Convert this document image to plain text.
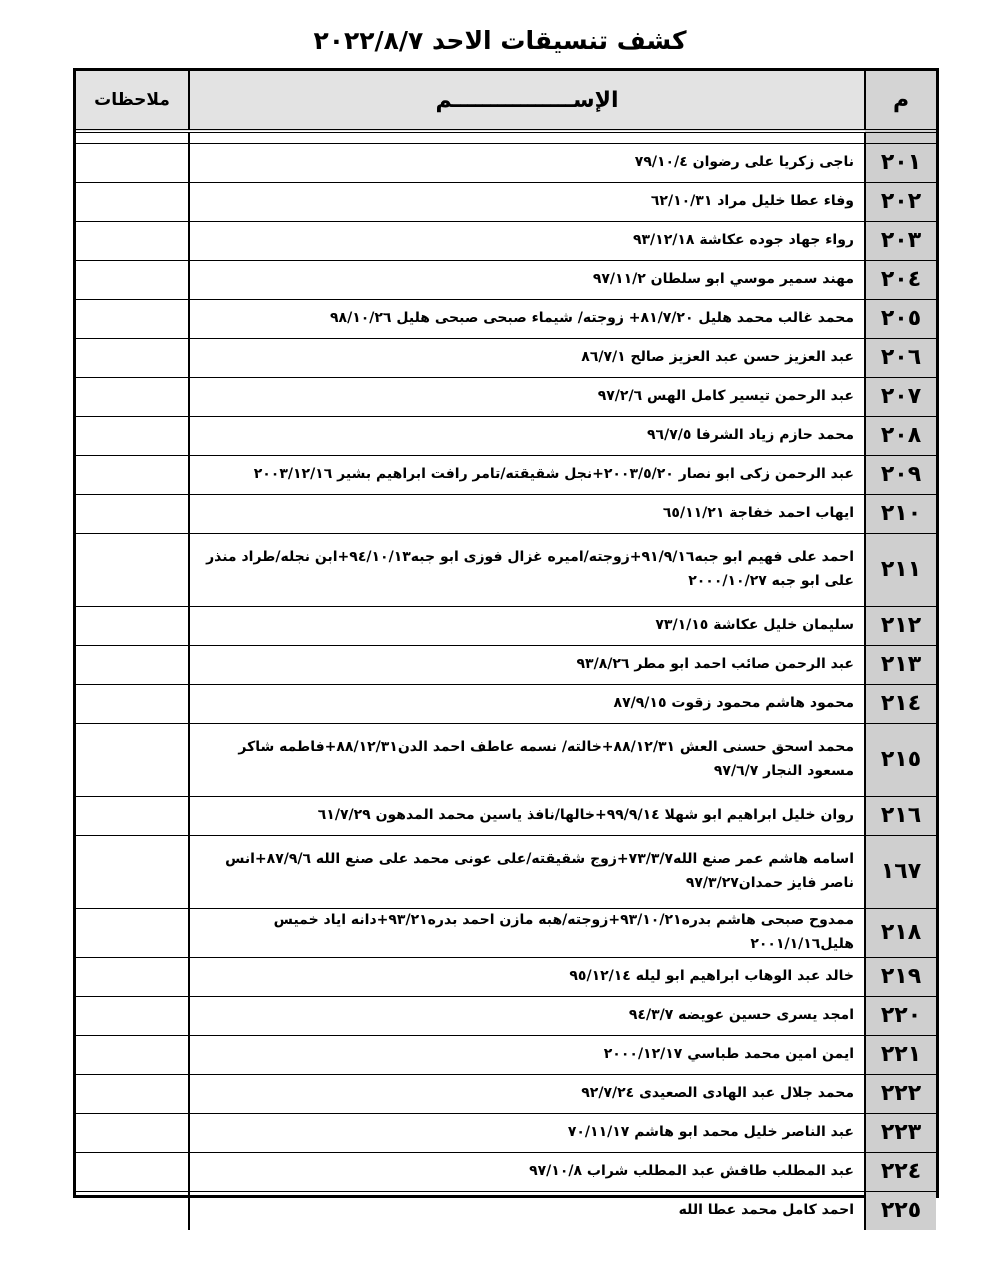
كشف تنسيقات الاحد ٢٠٢٢/٨/٧
م	الإســــــــــــــــم	ملاحظات

٢٠١	ناجى زكريا على رضوان ٧٩/١٠/٤	
٢٠٢	وفاء عطا خليل مراد ٦٢/١٠/٣١	
٢٠٣	رواء جهاد جوده عكاشة ٩٣/١٢/١٨	
٢٠٤	مهند سمير موسي ابو سلطان ٩٧/١١/٢	
٢٠٥	محمد غالب محمد هليل ٨١/٧/٢٠+ زوجته/ شيماء صبحى صبحى هليل ٩٨/١٠/٢٦	
٢٠٦	عبد العزيز حسن عبد العزيز صالح ٨٦/٧/١	
٢٠٧	عبد الرحمن تيسير كامل الهس ٩٧/٢/٦	
٢٠٨	محمد حازم زياد الشرفا ٩٦/٧/٥	
٢٠٩	عبد الرحمن زكى ابو نصار ٢٠٠٣/٥/٢٠+نجل شقيقته/تامر رافت ابراهيم بشير ٢٠٠٣/١٢/١٦	
٢١٠	ايهاب احمد خفاجة ٦٥/١١/٢١	
٢١١	احمد على فهيم ابو جبه٩١/٩/١٦+زوجته/اميره غزال فوزى ابو جبه٩٤/١٠/١٣+ابن نجله/طراد منذر على ابو جبه ٢٠٠٠/١٠/٢٧	
٢١٢	سليمان خليل عكاشة ٧٣/١/١٥	
٢١٣	عبد الرحمن صائب احمد ابو مطر ٩٣/٨/٢٦	
٢١٤	محمود هاشم محمود زقوت ٨٧/٩/١٥	
٢١٥	محمد اسحق حسنى العش ٨٨/١٢/٣١+خالته/ نسمه عاطف احمد الدن٨٨/١٢/٣١+فاطمه شاكر مسعود النجار ٩٧/٦/٧	
٢١٦	روان خليل ابراهيم ابو شهلا ٩٩/٩/١٤+خالها/نافذ ياسين محمد المدهون ٦١/٧/٢٩	
١٦٧	اسامه هاشم عمر صنع الله٧٣/٣/٧+زوج شقيقته/على عونى محمد على صنع الله ٨٧/٩/٦+انس ناصر فايز حمدان٩٧/٣/٢٧	
٢١٨	ممدوح صبحى هاشم بدره٩٣/١٠/٢١+زوجته/هبه مازن احمد بدره٩٣/٢١+دانه اياد خميس هليل٢٠٠١/١/١٦	
٢١٩	خالد عبد الوهاب ابراهيم ابو ليله ٩٥/١٢/١٤	
٢٢٠	امجد يسرى حسين عويضه ٩٤/٣/٧	
٢٢١	ايمن امين محمد طباسي ٢٠٠٠/١٢/١٧	
٢٢٢	محمد جلال عبد الهادى الصعيدى ٩٢/٧/٢٤	
٢٢٣	عبد الناصر خليل محمد ابو هاشم ٧٠/١١/١٧	
٢٢٤	عبد المطلب طافش عبد المطلب شراب ٩٧/١٠/٨	
٢٢٥	احمد كامل محمد عطا الله	
